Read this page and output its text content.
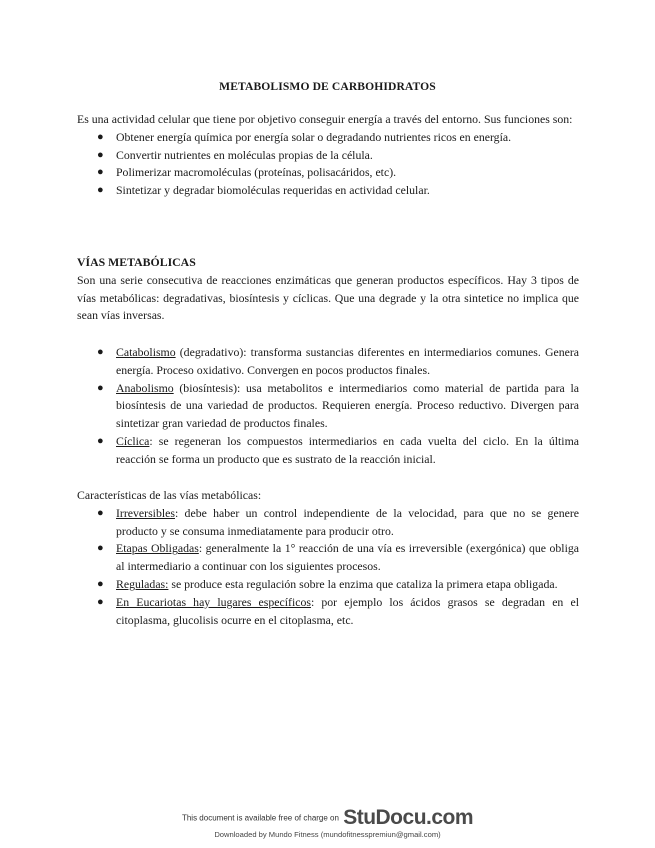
METABOLISMO DE CARBOHIDRATOS
Es una actividad celular que tiene por objetivo conseguir energía a través del entorno. Sus funciones son:
● Obtener energía química por energía solar o degradando nutrientes ricos en energía.
● Convertir nutrientes en moléculas propias de la célula.
● Polimerizar macromoléculas (proteínas, polisacáridos, etc).
● Sintetizar y degradar biomoléculas requeridas en actividad celular.
VÍAS METABÓLICAS
Son una serie consecutiva de reacciones enzimáticas que generan productos específicos. Hay 3 tipos de vías metabólicas: degradativas, biosíntesis y cíclicas. Que una degrade y la otra sintetice no implica que sean vías inversas.
● Catabolismo (degradativo): transforma sustancias diferentes en intermediarios comunes. Genera energía. Proceso oxidativo. Convergen en pocos productos finales.
● Anabolismo (biosíntesis): usa metabolitos e intermediarios como material de partida para la biosíntesis de una variedad de productos. Requieren energía. Proceso reductivo. Divergen para sintetizar gran variedad de productos finales.
● Cíclica: se regeneran los compuestos intermediarios en cada vuelta del ciclo. En la última reacción se forma un producto que es sustrato de la reacción inicial.
Características de las vías metabólicas:
● Irreversibles: debe haber un control independiente de la velocidad, para que no se genere producto y se consuma inmediatamente para producir otro.
● Etapas Obligadas: generalmente la 1° reacción de una vía es irreversible (exergónica) que obliga al intermediario a continuar con los siguientes procesos.
● Reguladas: se produce esta regulación sobre la enzima que cataliza la primera etapa obligada.
● En Eucariotas hay lugares específicos: por ejemplo los ácidos grasos se degradan en el citoplasma, glucolisis ocurre en el citoplasma, etc.
This document is available free of charge on StuDocu.com
Downloaded by Mundo Fitness (mundofitnesspremiun@gmail.com)
